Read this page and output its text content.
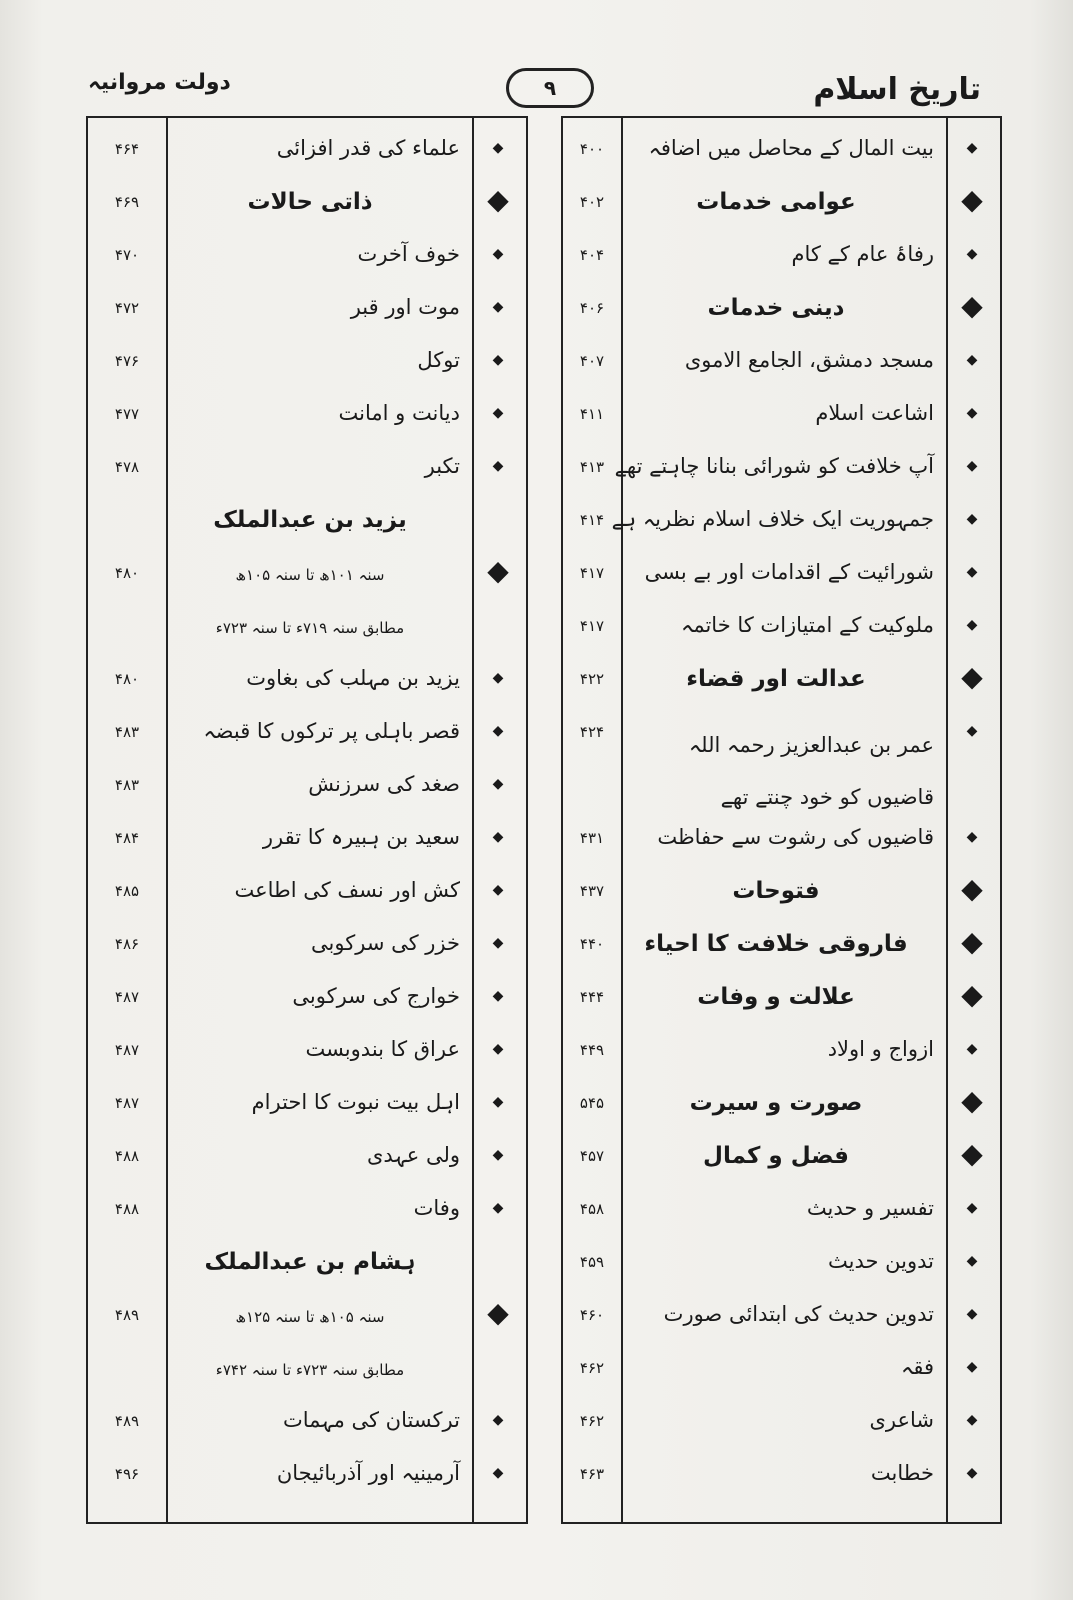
تاریخ اسلام
۹
دولت مروانیہ
◆
بیت المال کے محاصل میں اضافہ
۴۰۰
◆
عوامی خدمات
۴۰۲
◆
رفاۂ عام کے کام
۴۰۴
◆
دینی خدمات
۴۰۶
◆
مسجد دمشق، الجامع الاموی
۴۰۷
◆
اشاعت اسلام
۴۱۱
◆
آپ خلافت کو شورائی بنانا چاہتے تھے
۴۱۳
◆
جمہوریت ایک خلاف اسلام نظریہ ہے
۴۱۴
◆
شورائیت کے اقدامات اور بے بسی
۴۱۷
◆
ملوکیت کے امتیازات کا خاتمہ
۴۱۷
◆
عدالت اور قضاء
۴۲۲
◆
عمر بن عبدالعزیز رحمہ اللہ قاضیوں کو خود چنتے تھے
۴۲۴
◆
قاضیوں کی رشوت سے حفاظت
۴۳۱
◆
فتوحات
۴۳۷
◆
فاروقی خلافت کا احیاء
۴۴۰
◆
علالت و وفات
۴۴۴
◆
ازواج و اولاد
۴۴۹
◆
صورت و سیرت
۵۴۵
◆
فضل و کمال
۴۵۷
◆
تفسیر و حدیث
۴۵۸
◆
تدوین حدیث
۴۵۹
◆
تدوین حدیث کی ابتدائی صورت
۴۶۰
◆
فقہ
۴۶۲
◆
شاعری
۴۶۲
◆
خطابت
۴۶۳
◆
علماء کی قدر افزائی
۴۶۴
◆
ذاتی حالات
۴۶۹
◆
خوف آخرت
۴۷۰
◆
موت اور قبر
۴۷۲
◆
توکل
۴۷۶
◆
دیانت و امانت
۴۷۷
◆
تکبر
۴۷۸
یزید بن عبدالملک
◆
سنہ ۱۰۱ھ تا سنہ ۱۰۵ھ
۴۸۰
مطابق سنہ ۷۱۹ء تا سنہ ۷۲۳ء
◆
یزید بن مہلب کی بغاوت
۴۸۰
◆
قصر باہلی پر ترکوں کا قبضہ
۴۸۳
◆
صغد کی سرزنش
۴۸۳
◆
سعید بن ہبیرہ کا تقرر
۴۸۴
◆
کش اور نسف کی اطاعت
۴۸۵
◆
خزر کی سرکوبی
۴۸۶
◆
خوارج کی سرکوبی
۴۸۷
◆
عراق کا بندوبست
۴۸۷
◆
اہل بیت نبوت کا احترام
۴۸۷
◆
ولی عہدی
۴۸۸
◆
وفات
۴۸۸
ہشام بن عبدالملک
◆
سنہ ۱۰۵ھ تا سنہ ۱۲۵ھ
۴۸۹
مطابق سنہ ۷۲۳ء تا سنہ ۷۴۲ء
◆
ترکستان کی مہمات
۴۸۹
◆
آرمینیہ اور آذربائیجان
۴۹۶
